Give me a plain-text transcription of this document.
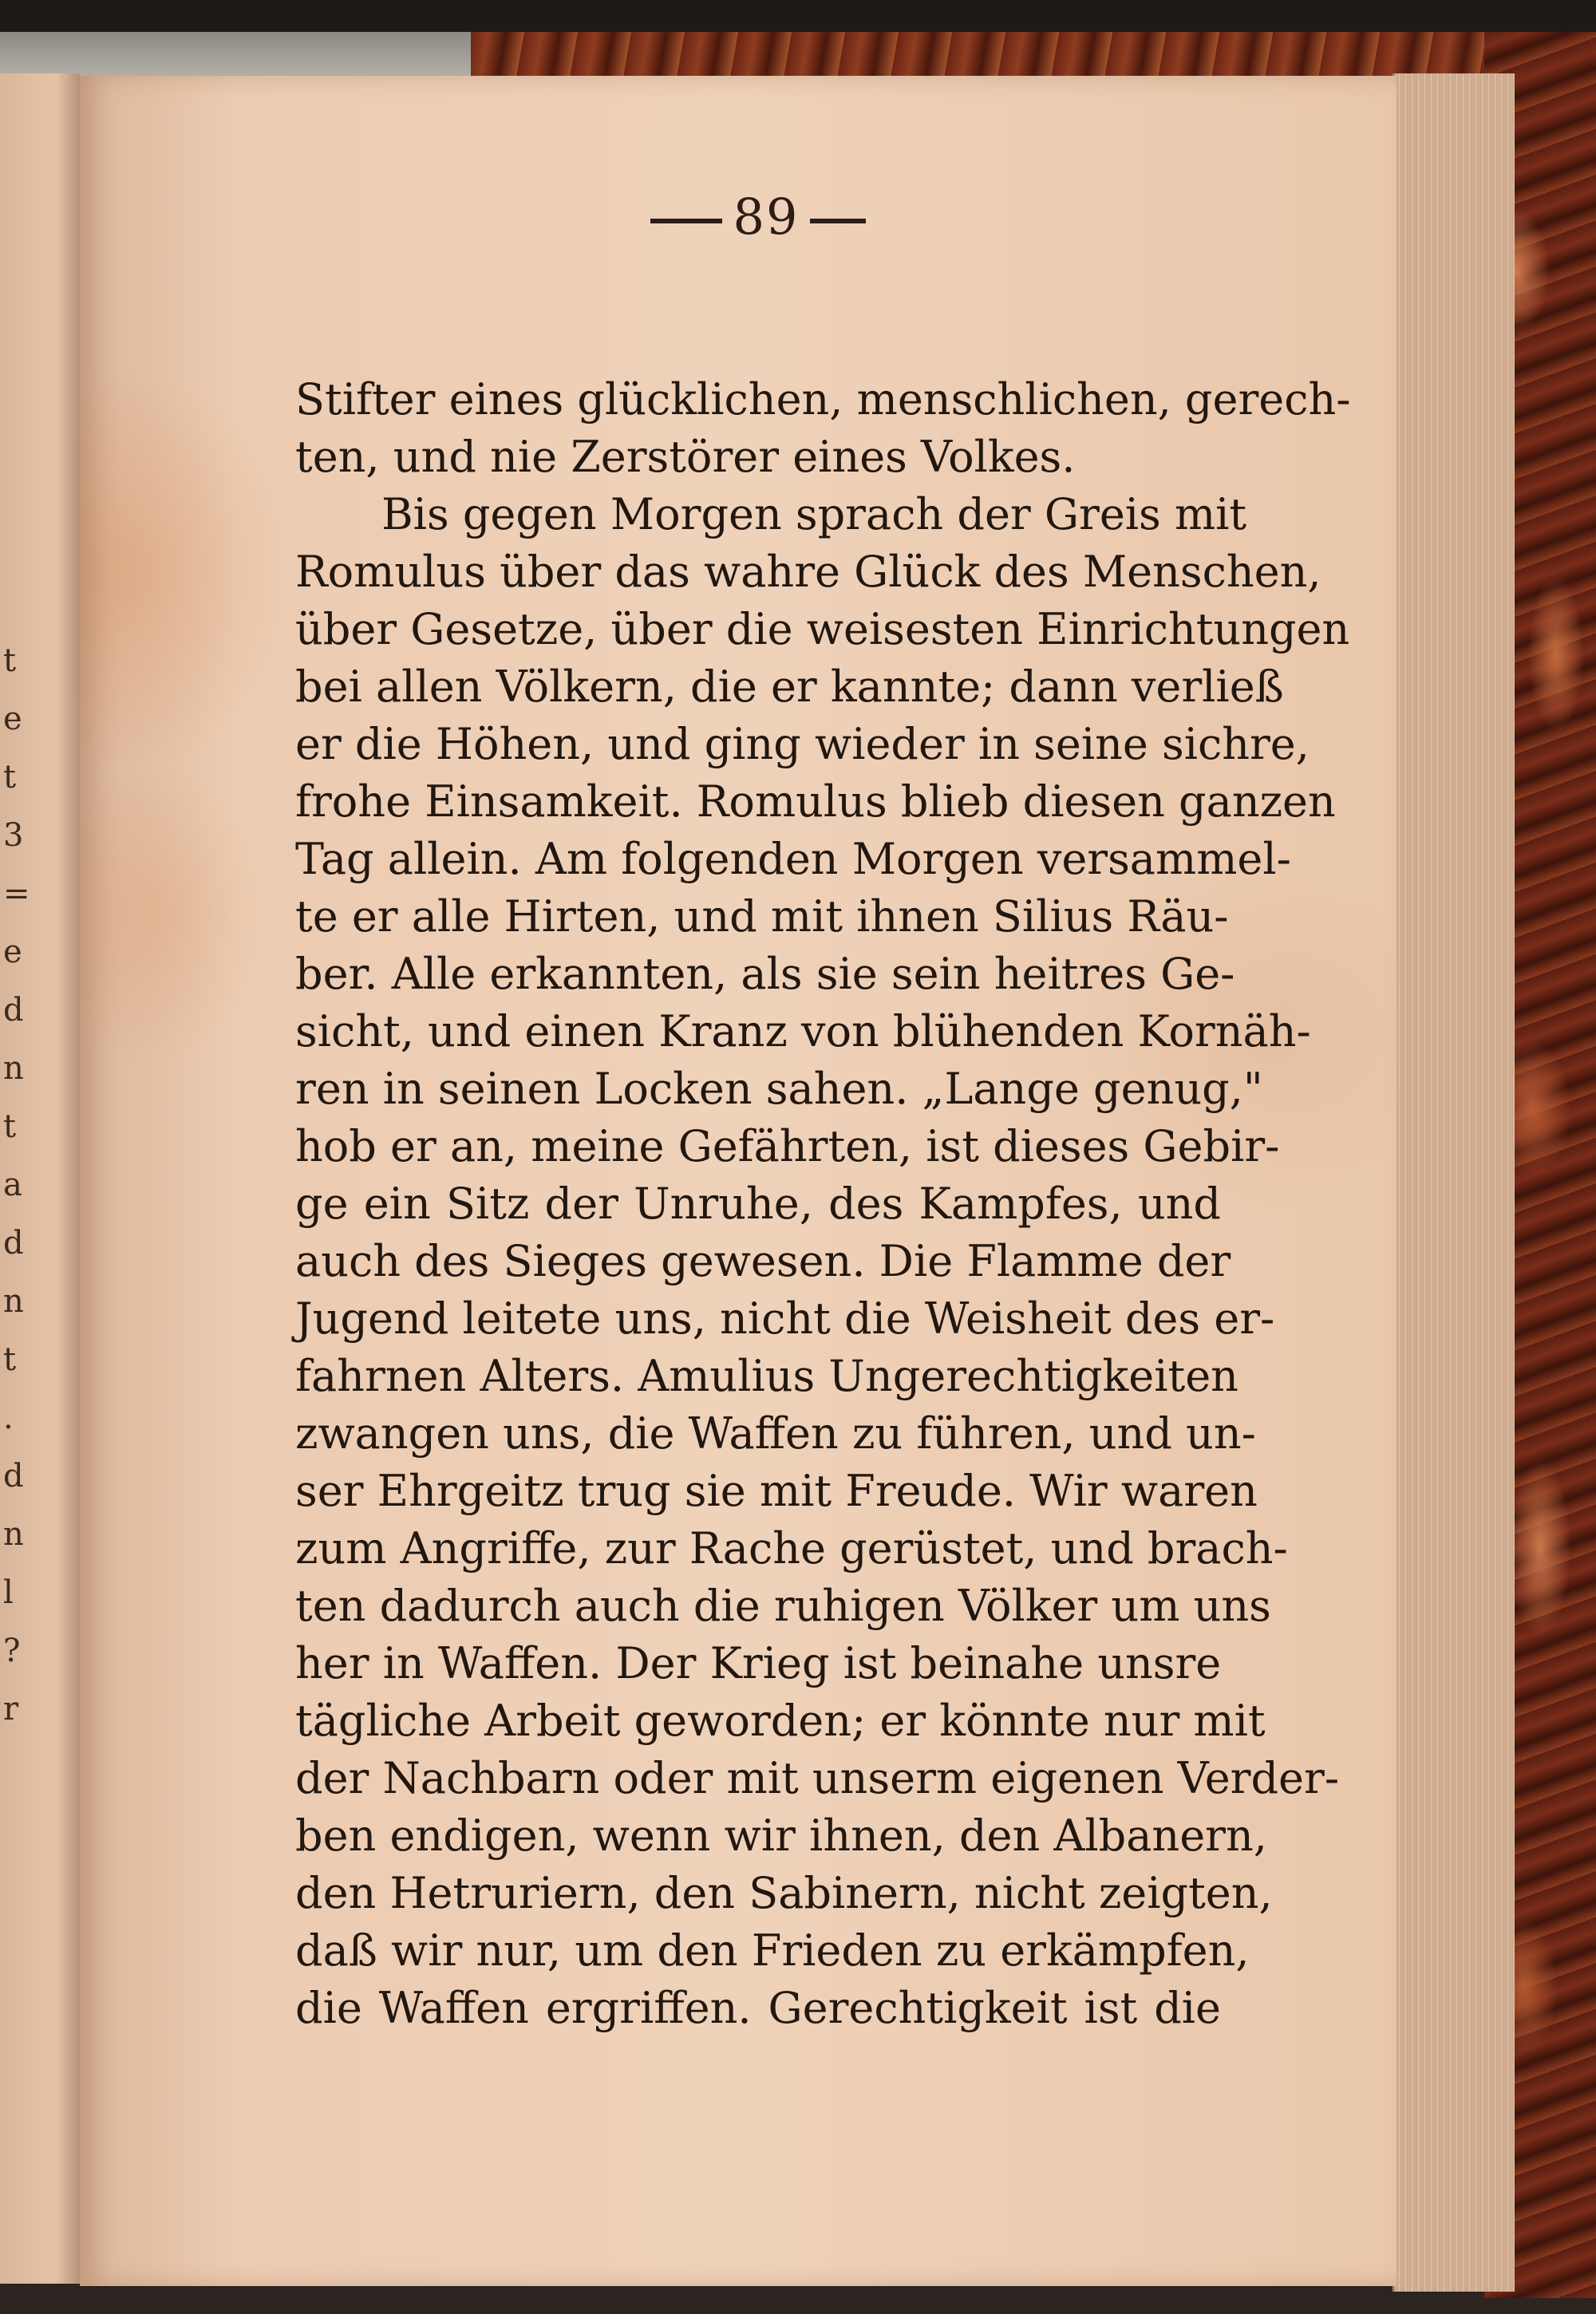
t
e
t
3
=
e
d
n
t
a
d
n
t
.
d
n
l
?
r
89
Stifter eines glücklichen, menschlichen, gerech-
ten, und nie Zerstörer eines Volkes.
Bis gegen Morgen sprach der Greis mit
Romulus über das wahre Glück des Menschen,
über Gesetze, über die weisesten Einrichtungen
bei allen Völkern, die er kannte; dann verließ
er die Höhen, und ging wieder in seine sichre,
frohe Einsamkeit. Romulus blieb diesen ganzen
Tag allein. Am folgenden Morgen versammel-
te er alle Hirten, und mit ihnen Silius Räu-
ber. Alle erkannten, als sie sein heitres Ge-
sicht, und einen Kranz von blühenden Kornäh-
ren in seinen Locken sahen. „Lange genug,"
hob er an, meine Gefährten, ist dieses Gebir-
ge ein Sitz der Unruhe, des Kampfes, und
auch des Sieges gewesen. Die Flamme der
Jugend leitete uns, nicht die Weisheit des er-
fahrnen Alters. Amulius Ungerechtigkeiten
zwangen uns, die Waffen zu führen, und un-
ser Ehrgeitz trug sie mit Freude. Wir waren
zum Angriffe, zur Rache gerüstet, und brach-
ten dadurch auch die ruhigen Völker um uns
her in Waffen. Der Krieg ist beinahe unsre
tägliche Arbeit geworden; er könnte nur mit
der Nachbarn oder mit unserm eigenen Verder-
ben endigen, wenn wir ihnen, den Albanern,
den Hetruriern, den Sabinern, nicht zeigten,
daß wir nur, um den Frieden zu erkämpfen,
die Waffen ergriffen. Gerechtigkeit ist die
